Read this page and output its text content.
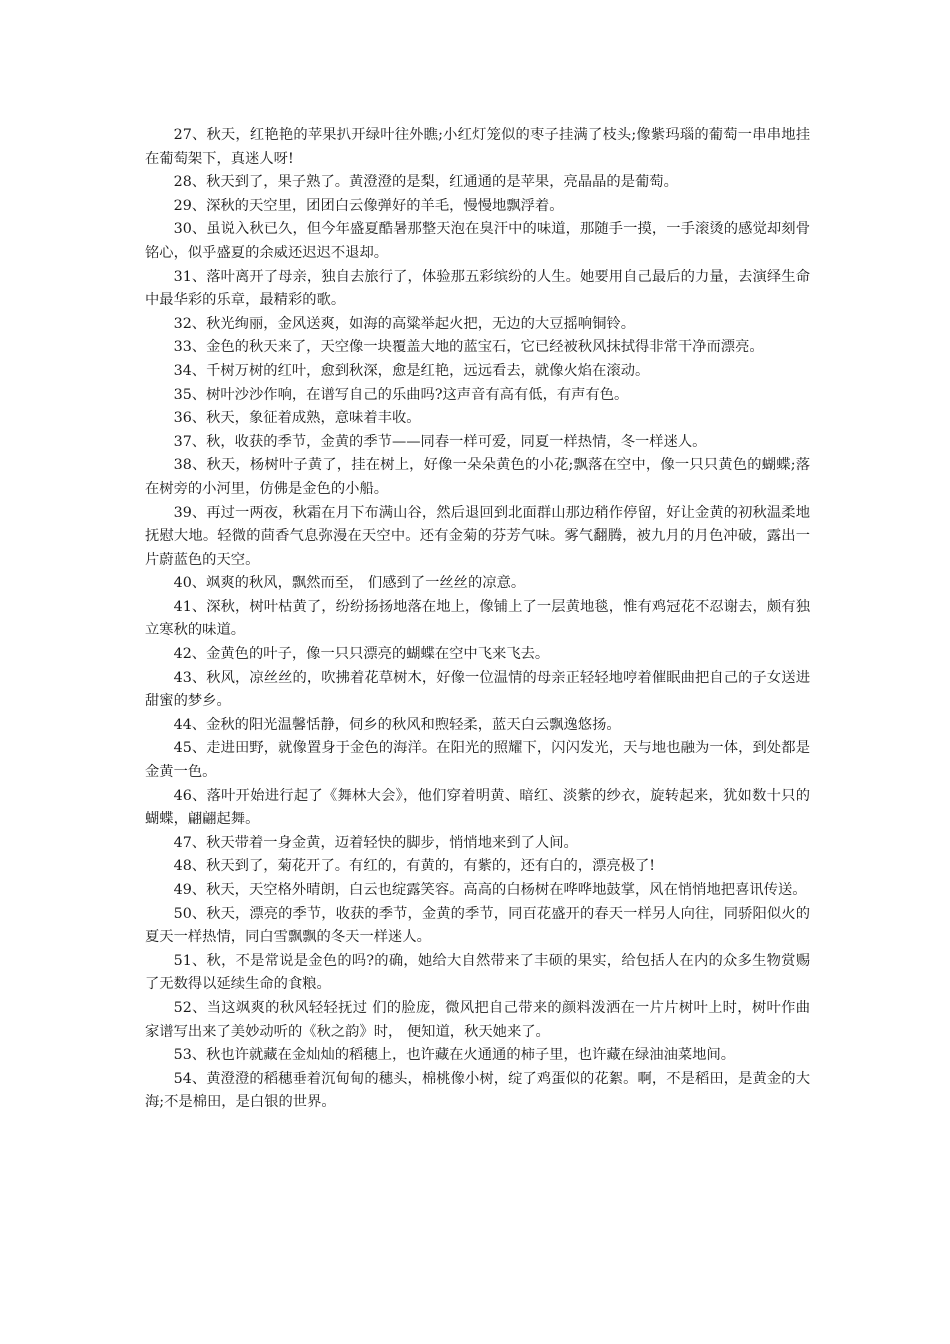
27、秋天，红艳艳的苹果扒开绿叶往外瞧;小红灯笼似的枣子挂满了枝头;像紫玛瑙的葡萄一串串地挂在葡萄架下，真迷人呀!

28、秋天到了，果子熟了。黄澄澄的是梨，红通通的是苹果，亮晶晶的是葡萄。

29、深秋的天空里，团团白云像弹好的羊毛，慢慢地飘浮着。

30、虽说入秋已久，但今年盛夏酷暑那整天泡在臭汗中的味道，那随手一摸，一手滚烫的感觉却刻骨铭心，似乎盛夏的余威还迟迟不退却。

31、落叶离开了母亲，独自去旅行了，体验那五彩缤纷的人生。她要用自己最后的力量，去演绎生命中最华彩的乐章，最精彩的歌。

32、秋光绚丽，金风送爽，如海的高粱举起火把，无边的大豆摇响铜铃。

33、金色的秋天来了，天空像一块覆盖大地的蓝宝石，它已经被秋风抹拭得非常干净而漂亮。

34、千树万树的红叶，愈到秋深，愈是红艳，远远看去，就像火焰在滚动。

35、树叶沙沙作响，在谱写自己的乐曲吗?这声音有高有低，有声有色。

36、秋天，象征着成熟，意味着丰收。

37、秋，收获的季节，金黄的季节——同春一样可爱，同夏一样热情，冬一样迷人。

38、秋天，杨树叶子黄了，挂在树上，好像一朵朵黄色的小花;飘落在空中，像一只只黄色的蝴蝶;落在树旁的小河里，仿佛是金色的小船。

39、再过一两夜，秋霜在月下布满山谷，然后退回到北面群山那边稍作停留，好让金黄的初秋温柔地抚慰大地。轻微的茴香气息弥漫在天空中。还有金菊的芬芳气味。雾气翻腾，被九月的月色冲破，露出一片蔚蓝色的天空。

40、飒爽的秋风，飘然而至， 们感到了一丝丝的凉意。

41、深秋，树叶枯黄了，纷纷扬扬地落在地上，像铺上了一层黄地毯，惟有鸡冠花不忍谢去，颇有独立寒秋的味道。

42、金黄色的叶子，像一只只漂亮的蝴蝶在空中飞来飞去。

43、秋风，凉丝丝的，吹拂着花草树木，好像一位温情的母亲正轻轻地哼着催眠曲把自己的子女送进甜蜜的梦乡。

44、金秋的阳光温馨恬静，伺乡的秋风和煦轻柔，蓝天白云飘逸悠扬。

45、走进田野，就像置身于金色的海洋。在阳光的照耀下，闪闪发光，天与地也融为一体，到处都是金黄一色。

46、落叶开始进行起了《舞林大会》，他们穿着明黄、暗红、淡紫的纱衣，旋转起来，犹如数十只的蝴蝶，翩翩起舞。

47、秋天带着一身金黄，迈着轻快的脚步，悄悄地来到了人间。

48、秋天到了，菊花开了。有红的，有黄的，有紫的，还有白的，漂亮极了!

49、秋天，天空格外晴朗，白云也绽露笑容。高高的白杨树在哗哗地鼓掌，风在悄悄地把喜讯传送。

50、秋天，漂亮的季节，收获的季节，金黄的季节，同百花盛开的春天一样另人向往，同骄阳似火的夏天一样热情，同白雪飘飘的冬天一样迷人。

51、秋，不是常说是金色的吗?的确，她给大自然带来了丰硕的果实，给包括人在内的众多生物赏赐了无数得以延续生命的食粮。

52、当这飒爽的秋风轻轻抚过 们的脸庞，微风把自己带来的颜料泼洒在一片片树叶上时，树叶作曲家谱写出来了美妙动听的《秋之韵》时， 便知道，秋天她来了。

53、秋也许就藏在金灿灿的稻穗上，也许藏在火通通的柿子里，也许藏在绿油油菜地间。

54、黄澄澄的稻穗垂着沉甸甸的穗头，棉桃像小树，绽了鸡蛋似的花絮。啊，不是稻田，是黄金的大海;不是棉田，是白银的世界。
